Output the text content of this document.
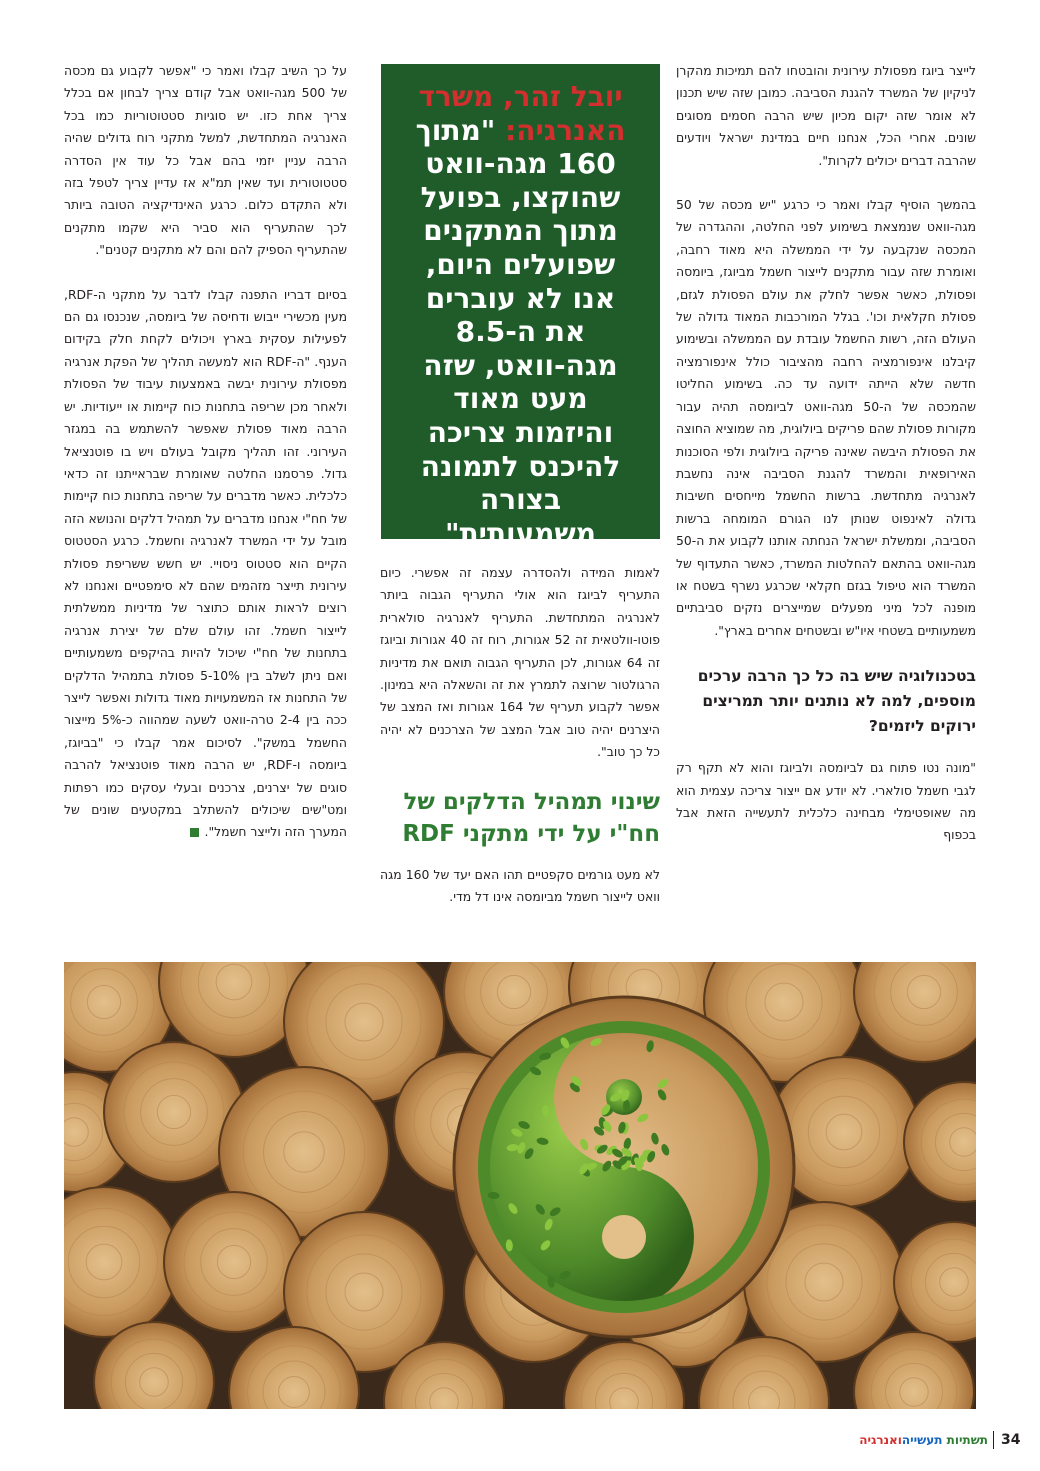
לייצר ביוגז מפסולת עירונית והובטחו להם תמיכות מהקרן לניקיון של המשרד להגנת הסביבה. כמובן שזה שיש תכנון לא אומר שזה יקום מכיון שיש הרבה חסמים מסוגים שונים. אחרי הכל, אנחנו חיים במדינת ישראל ויודעים שהרבה דברים יכולים לקרות".

בהמשך הוסיף קבלו ואמר כי כרגע "יש מכסה של 50 מגה-וואט שנמצאת בשימוע לפני החלטה, וההגדרה של המכסה שנקבעה על ידי הממשלה היא מאוד רחבה, ואומרת שזה עבור מתקנים לייצור חשמל מביוגז, ביומסה ופסולת, כאשר אפשר לחלק את עולם הפסולת לגזם, פסולת חקלאית וכו'. בגלל המורכבות המאוד גדולה של העולם הזה, רשות החשמל עובדת עם הממשלה ובשימוע קיבלנו אינפורמציה רחבה מהציבור כולל אינפורמציה חדשה שלא הייתה ידועה עד כה. בשימוע החליטו שהמכסה של ה-50 מגה-וואט לביומסה תהיה עבור מקורות פסולת שהם פריקים ביולוגית, מה שמוציא החוצה את הפסולת היבשה שאינה פריקה ביולוגית ולפי הסוכנות האירופאית והמשרד להגנת הסביבה אינה נחשבת לאנרגיה מתחדשת. ברשות החשמל מייחסים חשיבות גדולה לאינפוט שנותן לנו הגורם המומחה ברשות הסביבה, וממשלת ישראל הנחתה אותנו לקבוע את ה-50 מגה-וואט בהתאם להחלטות המשרד, כאשר התעדוף של המשרד הוא טיפול בגזם חקלאי שכרגע נשרף בשטח או מופנה לכל מיני מפעלים שמייצרים נזקים סביבתיים משמעותיים בשטחי איו"ש ובשטחים אחרים בארץ".

בטכנולוגיה שיש בה כל כך הרבה ערכים מוספים, למה לא נותנים יותר תמריצים ירוקים ליזמים?

"מונה נטו פתוח גם לביומסה ולביוגז והוא לא תקף רק לגבי חשמל סולארי. לא יודע אם ייצור צריכה עצמית הוא מה שאופטימלי מבחינה כלכלית לתעשייה הזאת אבל בכפוף

יובל זהר, משרד האנרגיה: "מתוך 160 מגה-וואט שהוקצו, בפועל מתוך המתקנים שפועלים היום, אנו לא עוברים את ה-8.5 מגה-וואט, שזה מעט מאוד והיזמות צריכה להיכנס לתמונה בצורה משמעותית"

לאמות המידה ולהסדרה עצמה זה אפשרי. כיום התעריף לביוגז הוא אולי התעריף הגבוה ביותר לאנרגיה המתחדשת. התעריף לאנרגיה סולארית פוטו-וולטאית זה 52 אגורות, רוח זה 40 אגורות וביוגז זה 64 אגורות, לכן התעריף הגבוה תואם את מדיניות הרגולטור שרוצה לתמרץ את זה והשאלה היא במינון. אפשר לקבוע תעריף של 164 אגורות ואז המצב של היצרנים יהיה טוב אבל המצב של הצרכנים לא יהיה כל כך טוב".

שינוי תמהיל הדלקים של חח"י על ידי מתקני RDF

לא מעט גורמים סקפטיים תהו האם יעד של 160 מגה וואט לייצור חשמל מביומסה אינו דל מדי.

על כך השיב קבלו ואמר כי "אפשר לקבוע גם מכסה של 500 מגה-וואט אבל קודם צריך לבחון אם בכלל צריך אחת כזו. יש סוגיות סטטוטוריות כמו בכל האנרגיה המתחדשת, למשל מתקני רוח גדולים שהיה הרבה עניין יזמי בהם אבל כל עוד אין הסדרה סטטוטורית ועד שאין תמ"א אז עדיין צריך לטפל בזה ולא התקדם כלום. כרגע האינדיקציה הטובה ביותר לכך שהתעריף הוא סביר היא שקמו מתקנים שהתעריף הספיק להם והם לא מתקנים קטנים".

בסיום דבריו התפנה קבלו לדבר על מתקני ה-RDF, מעין מכשירי ייבוש ודחיסה של ביומסה, שנכנסו גם הם לפעילות עסקית בארץ ויכולים לקחת חלק בקידום הענף. "ה-RDF הוא למעשה תהליך של הפקת אנרגיה מפסולת עירונית יבשה באמצעות עיבוד של הפסולת ולאחר מכן שריפה בתחנות כוח קיימות או ייעודיות. יש הרבה מאוד פסולת שאפשר להשתמש בה במגזר העירוני. זהו תהליך מקובל בעולם ויש בו פוטנציאל גדול. פרסמנו החלטה שאומרת שבראייתנו זה כדאי כלכלית. כאשר מדברים על שריפה בתחנות כוח קיימות של חח"י אנחנו מדברים על תמהיל דלקים והנושא הזה מובל על ידי המשרד לאנרגיה וחשמל. כרגע הסטטוס הקיים הוא סטטוס ניסויי. יש חשש ששריפת פסולת עירונית תייצר מזהמים שהם לא סימפטיים ואנחנו לא רוצים לראות אותם כתוצר של מדיניות ממשלתית לייצור חשמל. זהו עולם שלם של יצירת אנרגיה בתחנות של חח"י שיכול להיות בהיקפים משמעותיים ואם ניתן לשלב בין 5-10% פסולת בתמהיל הדלקים של התחנות אז המשמעויות מאוד גדולות ואפשר לייצר ככה בין 2-4 טרה-וואט לשעה שמהווה כ-5% מייצור החשמל במשק". לסיכום אמר קבלו כי "בביוגז, ביומסה ו-RDF, יש הרבה מאוד פוטנציאל להרבה סוגים של יצרנים, צרכנים ובעלי עסקים כמו רפתות ומט"שים שיכולים להשתלב במקטעים שונים של המערך הזה ולייצר חשמל".

תשתיות תעשייהואנרגיה	34
